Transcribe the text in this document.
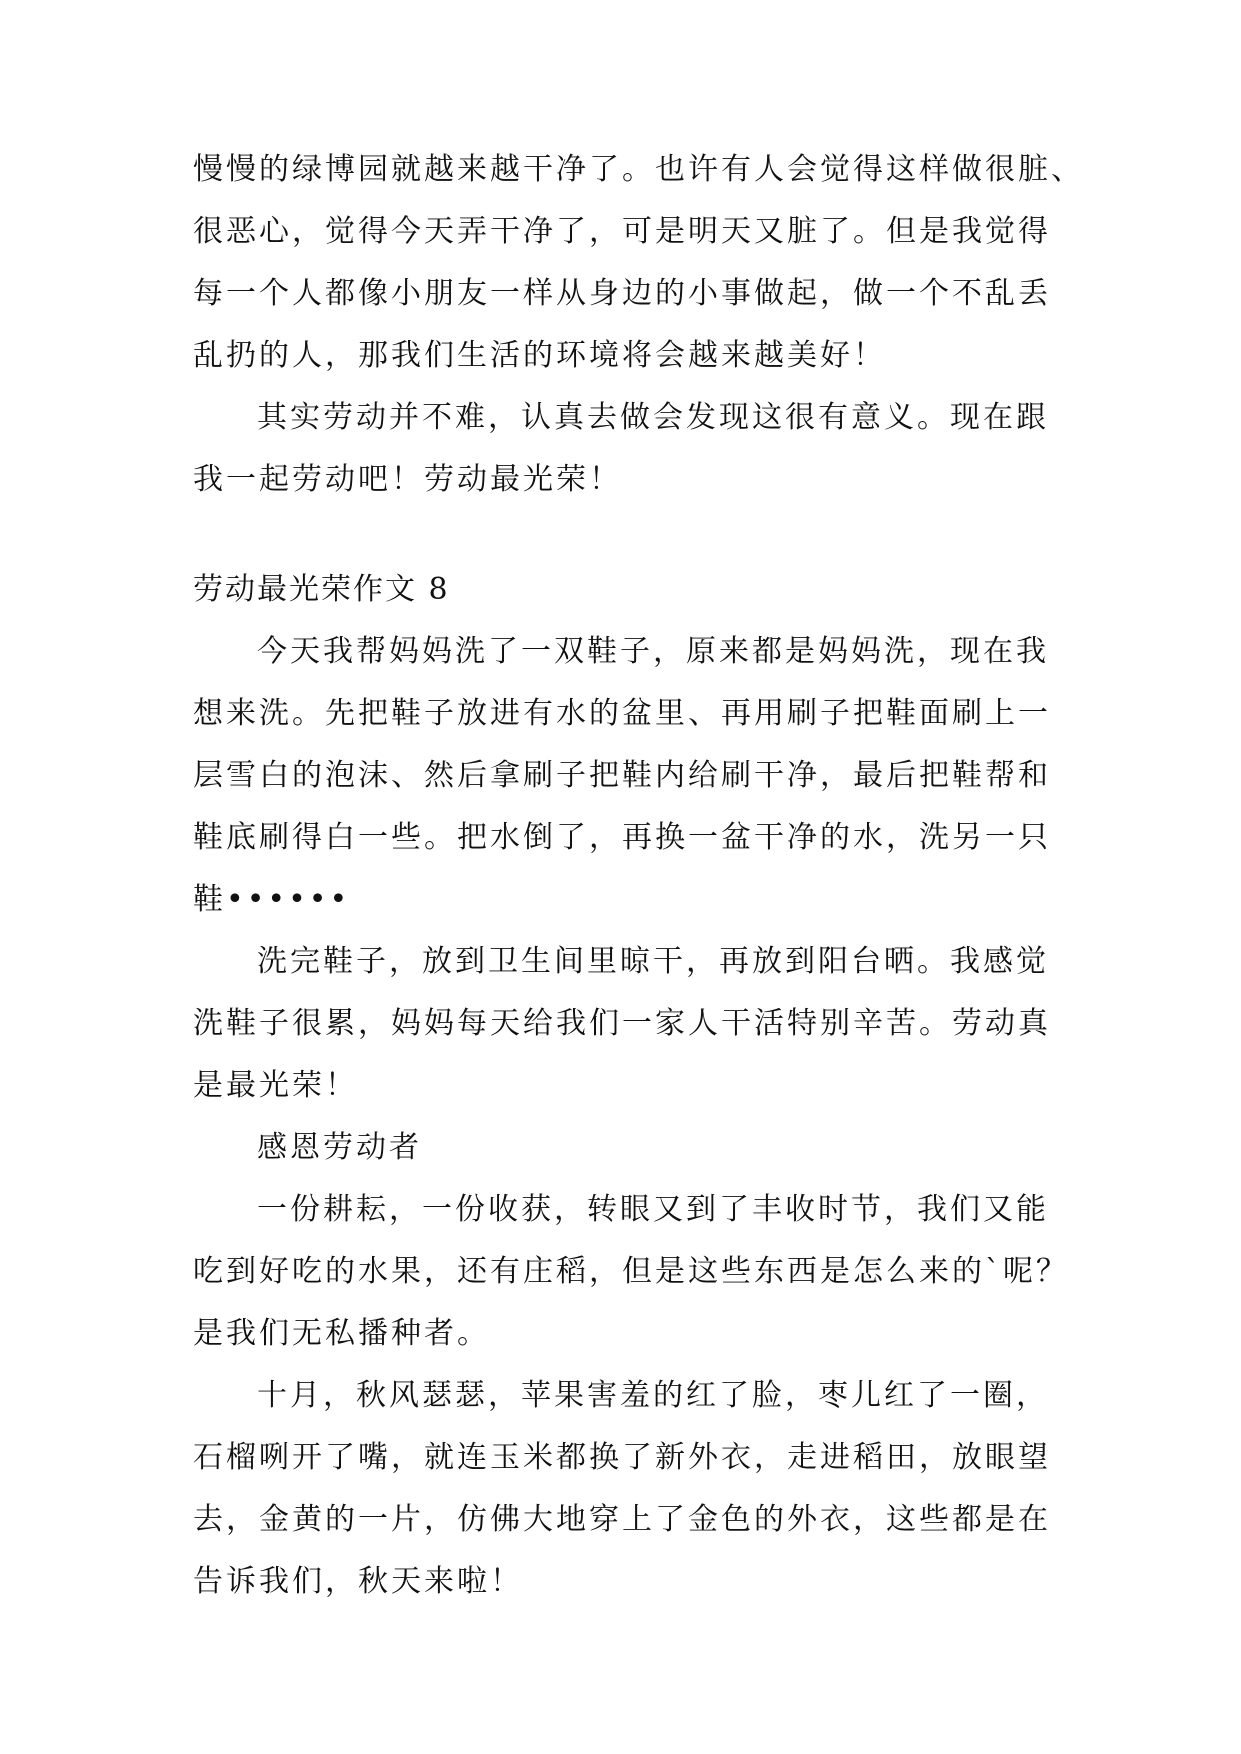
慢慢的绿博园就越来越干净了。也许有人会觉得这样做很脏、
很恶心，觉得今天弄干净了，可是明天又脏了。但是我觉得
每一个人都像小朋友一样从身边的小事做起，做一个不乱丢
乱扔的人，那我们生活的环境将会越来越美好！
其实劳动并不难，认真去做会发现这很有意义。现在跟
我一起劳动吧！劳动最光荣！
劳动最光荣作文 8
今天我帮妈妈洗了一双鞋子，原来都是妈妈洗，现在我
想来洗。先把鞋子放进有水的盆里、再用刷子把鞋面刷上一
层雪白的泡沫、然后拿刷子把鞋内给刷干净，最后把鞋帮和
鞋底刷得白一些。把水倒了，再换一盆干净的水，洗另一只
鞋••••••
洗完鞋子，放到卫生间里晾干，再放到阳台晒。我感觉
洗鞋子很累，妈妈每天给我们一家人干活特别辛苦。劳动真
是最光荣！
感恩劳动者
一份耕耘，一份收获，转眼又到了丰收时节，我们又能
吃到好吃的水果，还有庄稻，但是这些东西是怎么来的`呢？
是我们无私播种者。
十月，秋风瑟瑟，苹果害羞的红了脸，枣儿红了一圈，
石榴咧开了嘴，就连玉米都换了新外衣，走进稻田，放眼望
去，金黄的一片，仿佛大地穿上了金色的外衣，这些都是在
告诉我们，秋天来啦！
